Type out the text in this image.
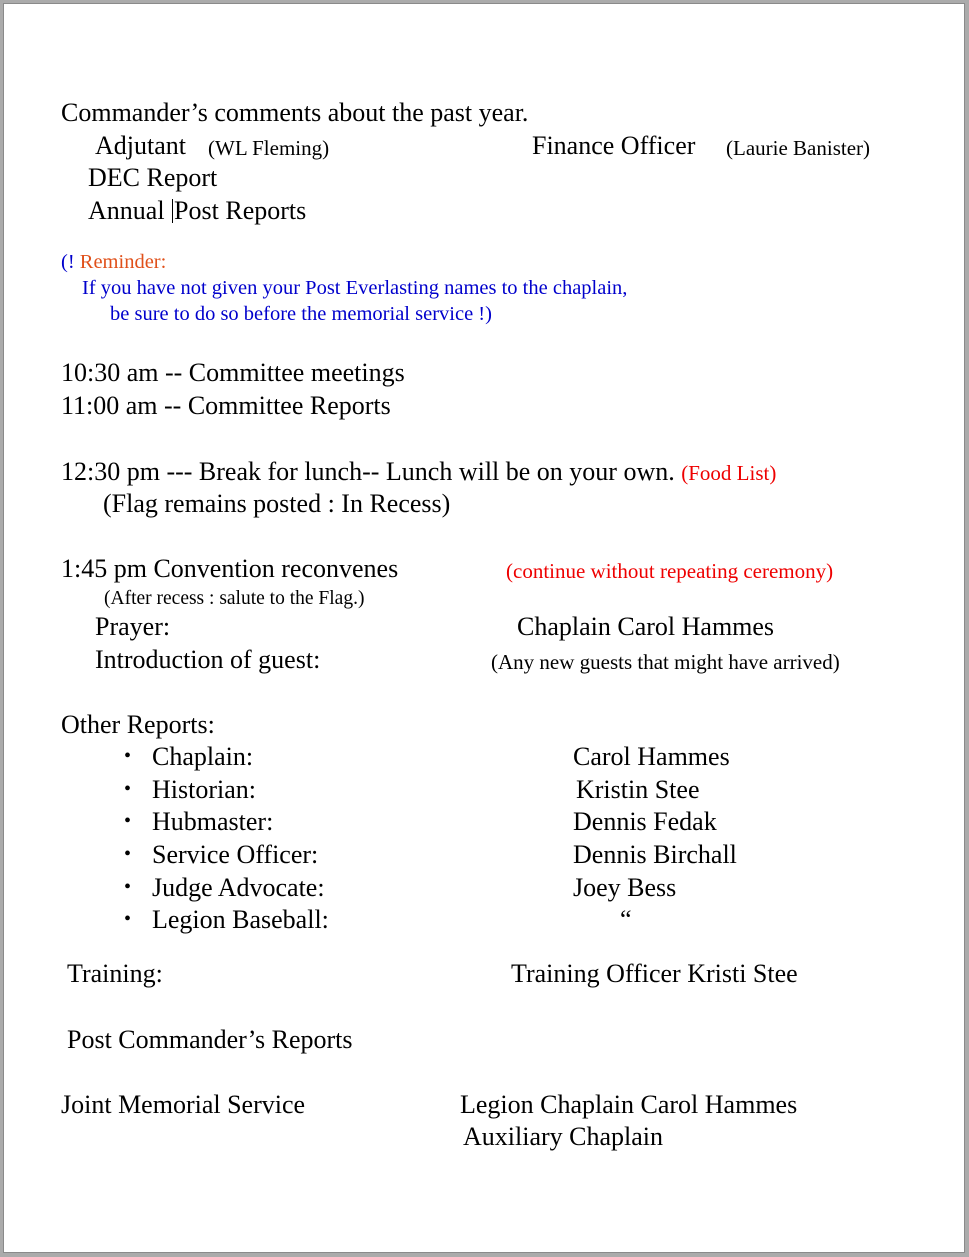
Commander’s comments about the past year.
Adjutant (WL Fleming)	Finance Officer (Laurie Banister)
DEC Report
Annual Post Reports
(! Reminder:
If you have not given your Post Everlasting names to the chaplain,
be sure to do so before the memorial service !)
10:30 am -- Committee meetings
11:00 am -- Committee Reports
12:30 pm --- Break for lunch-- Lunch will be on your own. (Food List)
(Flag remains posted : In Recess)
1:45 pm Convention reconvenes	(continue without repeating ceremony)
(After recess : salute to the Flag.)
Prayer:	Chaplain Carol Hammes
Introduction of guest:	(Any new guests that might have arrived)
Other Reports:
• Chaplain:	Carol Hammes
• Historian:	Kristin Stee
• Hubmaster:	Dennis Fedak
• Service Officer:	Dennis Birchall
• Judge Advocate:	Joey Bess
• Legion Baseball:	“
Training:	Training Officer Kristi Stee
Post Commander’s Reports
Joint Memorial Service	Legion Chaplain Carol Hammes
Auxiliary Chaplain
